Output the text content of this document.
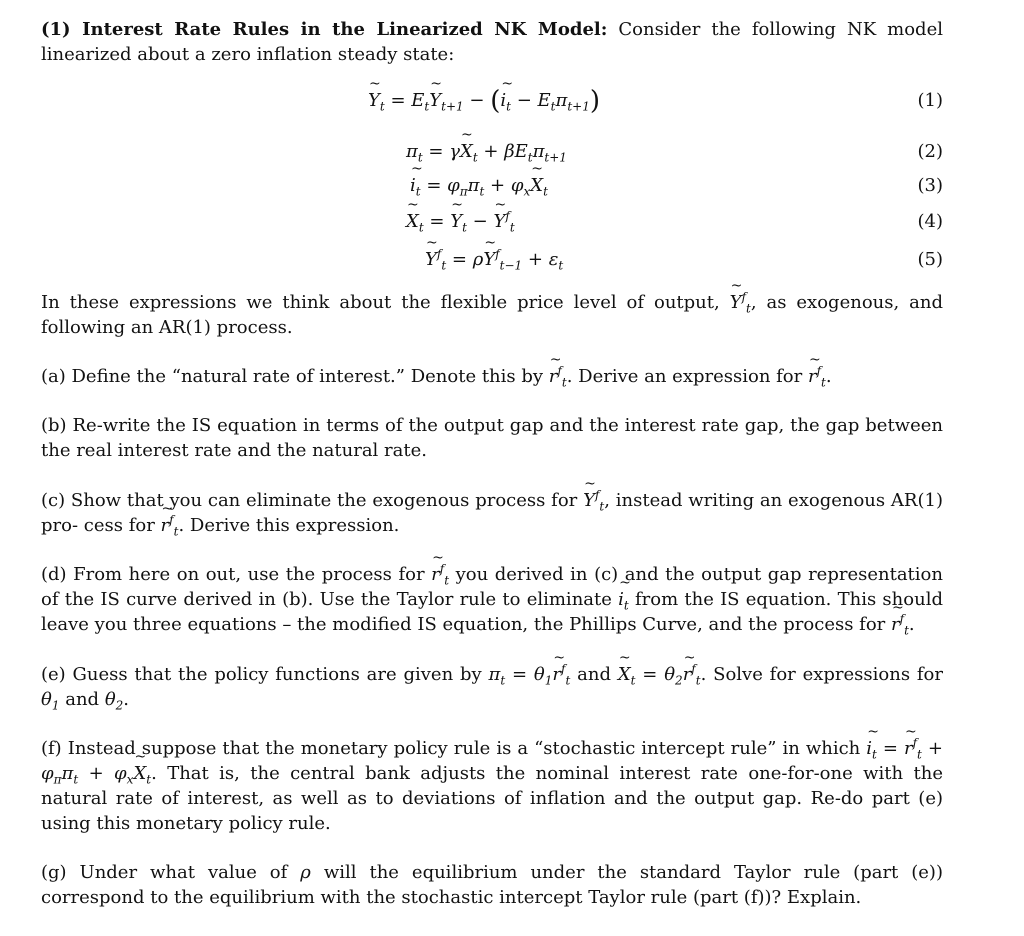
(1) Interest Rate Rules in the Linearized NK Model: Consider the following NK model linearized about a zero inflation steady state:

~ $Y_t$ = $E_t\sim$ $Y_{t+1}$ − (~ $i_t - E_t\pi_{t+1}$)	(1)
$\pi_t$ = γ~ $X_t + \beta E_t\pi_{t+1}$	(2)
~ $i_t = \varphi_\pi\pi_t$ + $\varphi_x\sim$ $X_t$	(3)
~ $X_t$ = ~ $Y_t$ − ~ $Y^f_t$	(4)
~ $Y^f_t$ = ρ~ $Y^f_{t-1} + \varepsilon_t$	(5)

In these expressions we think about the flexible price level of output, ~ $Y^f_t$, as exogenous, and following an AR(1) process.

(a) Define the “natural rate of interest.” Denote this by ~ $r^f_t$. Derive an expression for ~ $r^f_t$.

(b) Re-write the IS equation in terms of the output gap and the interest rate gap, the gap between the real interest rate and the natural rate.

(c) Show that you can eliminate the exogenous process for ~ $Y^f_t$, instead writing an exogenous AR(1) pro- cess for ~ $r^f_t$. Derive this expression.

(d) From here on out, use the process for ~ $r^f_t$ you derived in (c) and the output gap representation of the IS curve derived in (b). Use the Taylor rule to eliminate ~ $i_t$ from the IS equation. This should leave you three equations – the modified IS equation, the Phillips Curve, and the process for ~ $r^f_t$.

(e) Guess that the policy functions are given by $\pi_t$ = $\theta_1\sim$ $r^f_t$ and ~ $X_t$ = $\theta_2\sim$ $r^f_t$. Solve for expressions for $\theta_1$ and $\theta_2$.

(f) Instead suppose that the monetary policy rule is a “stochastic intercept rule” in which ~ $i_t$ = ~ $r^f_t + \varphi_\pi\pi_t$ + $\varphi_x\sim$ $X_t$. That is, the central bank adjusts the nominal interest rate one-for-one with the natural rate of interest, as well as to deviations of inflation and the output gap. Re-do part (e) using this monetary policy rule.

(g) Under what value of ρ will the equilibrium under the standard Taylor rule (part (e)) correspond to the equilibrium with the stochastic intercept Taylor rule (part (f))? Explain.
